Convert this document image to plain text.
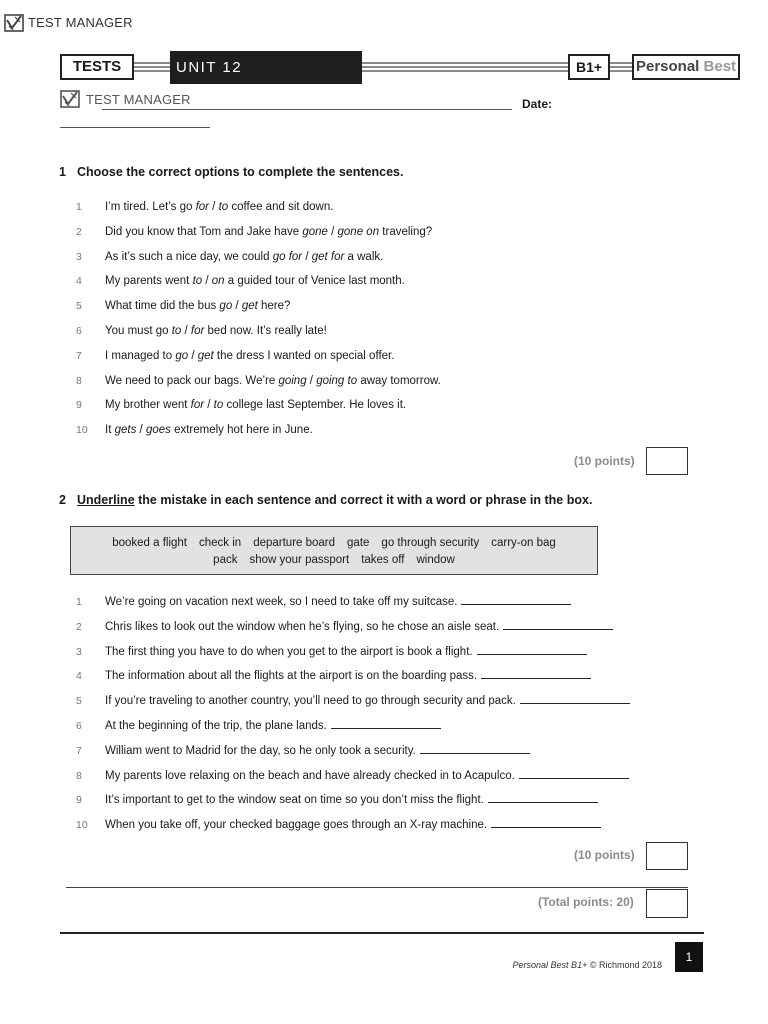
TEST MANAGER
TESTS	UNIT 12 VOCABULARY
B1+	Personal Best
TEST MANAGER	Date:
1 Choose the correct options to complete the sentences.
1 I’m tired. Let’s go for / to coffee and sit down.
2 Did you know that Tom and Jake have gone / gone on traveling?
3 As it’s such a nice day, we could go for / get for a walk.
4 My parents went to / on a guided tour of Venice last month.
5 What time did the bus go / get here?
6 You must go to / for bed now. It’s really late!
7 I managed to go / get the dress I wanted on special offer.
8 We need to pack our bags. We’re going / going to away tomorrow.
9 My brother went for / to college last September. He loves it.
10 It gets / goes extremely hot here in June.
(10 points)
2 Underline the mistake in each sentence and correct it with a word or phrase in the box.
booked a flight check in departure board gate go through security carry-on bag
pack show your passport takes off window
1 We’re going on vacation next week, so I need to take off my suitcase.
2 Chris likes to look out the window when he’s flying, so he chose an aisle seat.
3 The first thing you have to do when you get to the airport is book a flight.
4 The information about all the flights at the airport is on the boarding pass.
5 If you’re traveling to another country, you’ll need to go through security and pack.
6 At the beginning of the trip, the plane lands.
7 William went to Madrid for the day, so he only took a security.
8 My parents love relaxing on the beach and have already checked in to Acapulco.
9 It’s important to get to the window seat on time so you don’t miss the flight.
10 When you take off, your checked baggage goes through an X-ray machine.
(10 points)
(Total points: 20)
Personal Best B1+ © Richmond 2018
1
